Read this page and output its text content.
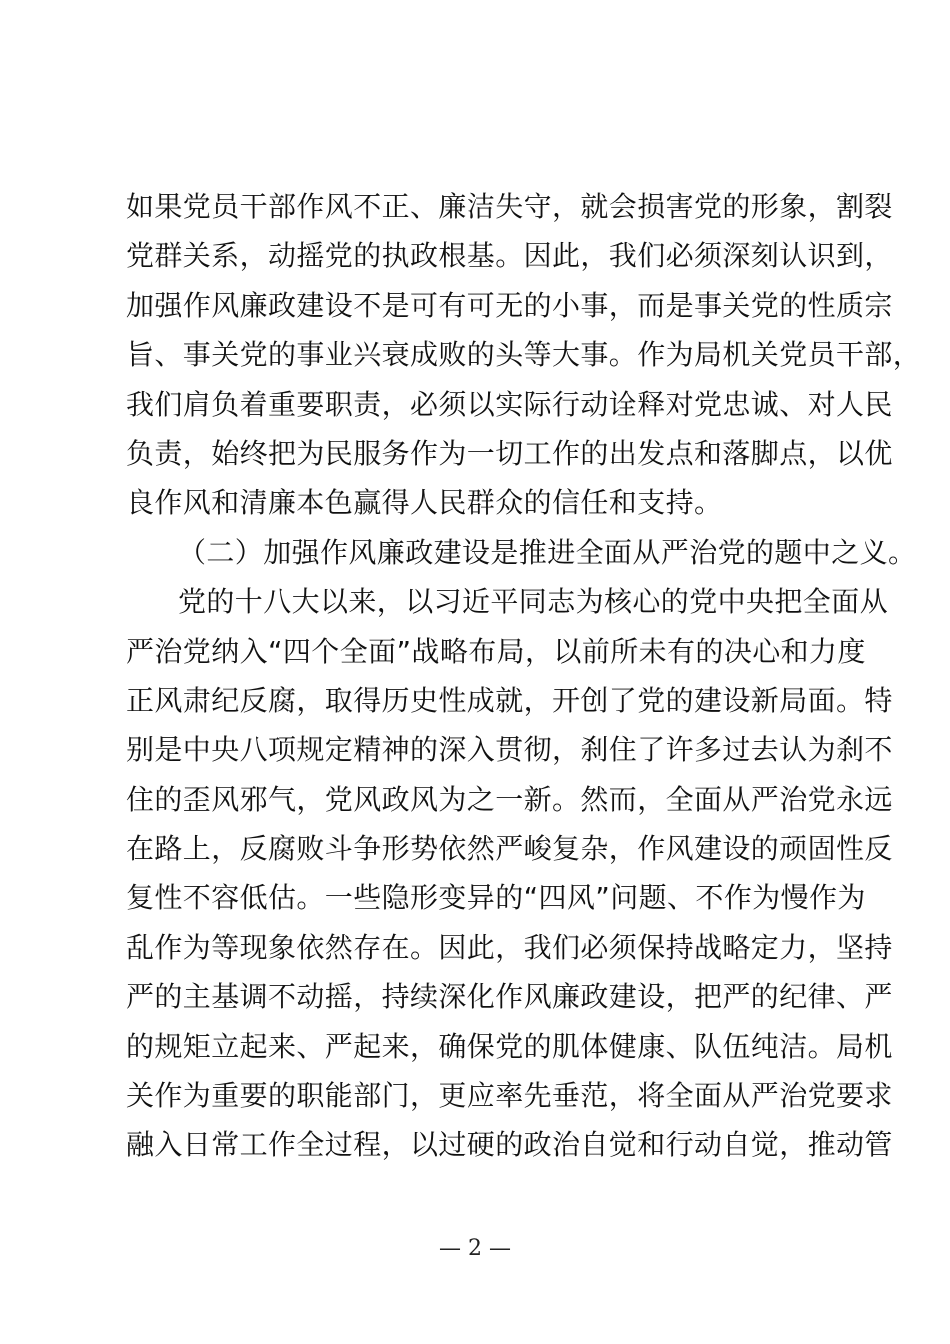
如果党员干部作风不正、廉洁失守，就会损害党的形象，割裂
党群关系，动摇党的执政根基。因此，我们必须深刻认识到，
加强作风廉政建设不是可有可无的小事，而是事关党的性质宗
旨、事关党的事业兴衰成败的头等大事。作为局机关党员干部，
我们肩负着重要职责，必须以实际行动诠释对党忠诚、对人民
负责，始终把为民服务作为一切工作的出发点和落脚点，以优
良作风和清廉本色赢得人民群众的信任和支持。
（二）加强作风廉政建设是推进全面从严治党的题中之义。
党的十八大以来，以习近平同志为核心的党中央把全面从
严治党纳入“四个全面”战略布局，以前所未有的决心和力度
正风肃纪反腐，取得历史性成就，开创了党的建设新局面。特
别是中央八项规定精神的深入贯彻，刹住了许多过去认为刹不
住的歪风邪气，党风政风为之一新。然而，全面从严治党永远
在路上，反腐败斗争形势依然严峻复杂，作风建设的顽固性反
复性不容低估。一些隐形变异的“四风”问题、不作为慢作为
乱作为等现象依然存在。因此，我们必须保持战略定力，坚持
严的主基调不动摇，持续深化作风廉政建设，把严的纪律、严
的规矩立起来、严起来，确保党的肌体健康、队伍纯洁。局机
关作为重要的职能部门，更应率先垂范，将全面从严治党要求
融入日常工作全过程，以过硬的政治自觉和行动自觉，推动管
— 2 —
